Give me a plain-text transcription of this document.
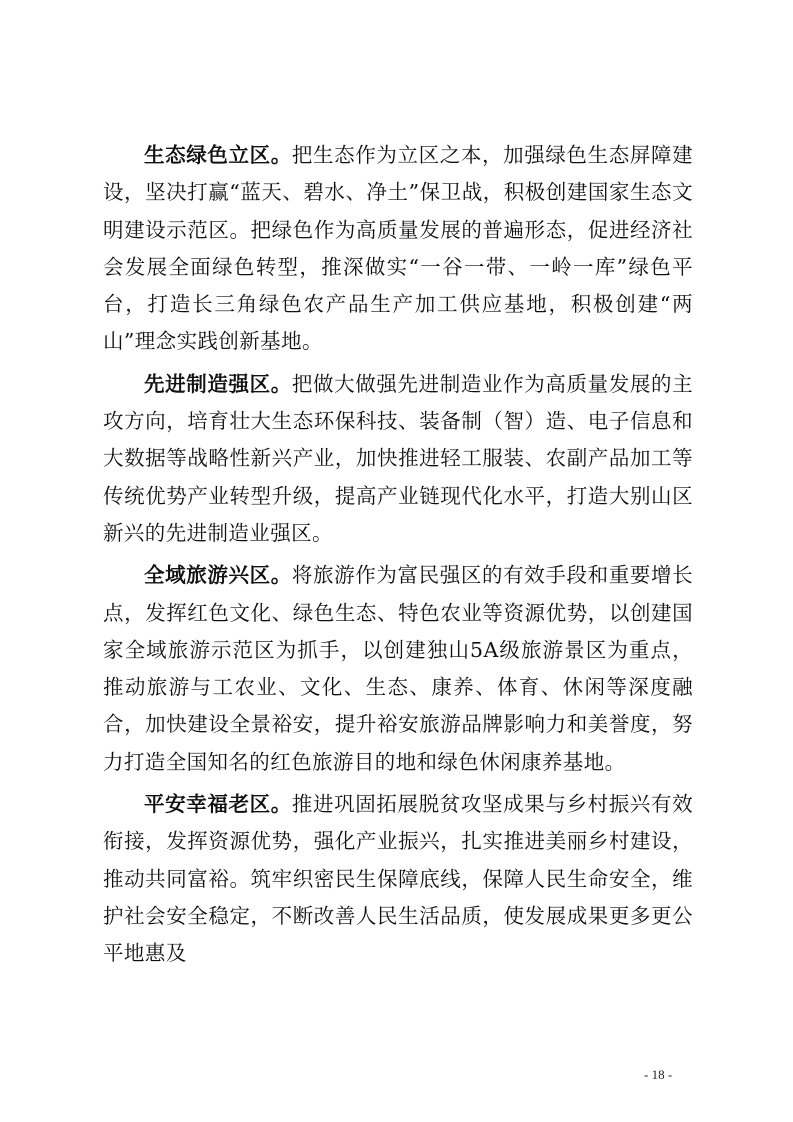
生态绿色立区。把生态作为立区之本，加强绿色生态屏障建设，坚决打赢“蓝天、碧水、净土”保卫战，积极创建国家生态文明建设示范区。把绿色作为高质量发展的普遍形态，促进经济社会发展全面绿色转型，推深做实“一谷一带、一岭一库”绿色平台，打造长三角绿色农产品生产加工供应基地，积极创建“两山”理念实践创新基地。

先进制造强区。把做大做强先进制造业作为高质量发展的主攻方向，培育壮大生态环保科技、装备制（智）造、电子信息和大数据等战略性新兴产业，加快推进轻工服装、农副产品加工等传统优势产业转型升级，提高产业链现代化水平，打造大别山区新兴的先进制造业强区。

全域旅游兴区。将旅游作为富民强区的有效手段和重要增长点，发挥红色文化、绿色生态、特色农业等资源优势，以创建国家全域旅游示范区为抓手，以创建独山5A级旅游景区为重点，推动旅游与工农业、文化、生态、康养、体育、休闲等深度融合，加快建设全景裕安，提升裕安旅游品牌影响力和美誉度，努力打造全国知名的红色旅游目的地和绿色休闲康养基地。

平安幸福老区。推进巩固拓展脱贫攻坚成果与乡村振兴有效衔接，发挥资源优势，强化产业振兴，扎实推进美丽乡村建设，推动共同富裕。筑牢织密民生保障底线，保障人民生命安全，维护社会安全稳定，不断改善人民生活品质，使发展成果更多更公平地惠及

- 18 -
